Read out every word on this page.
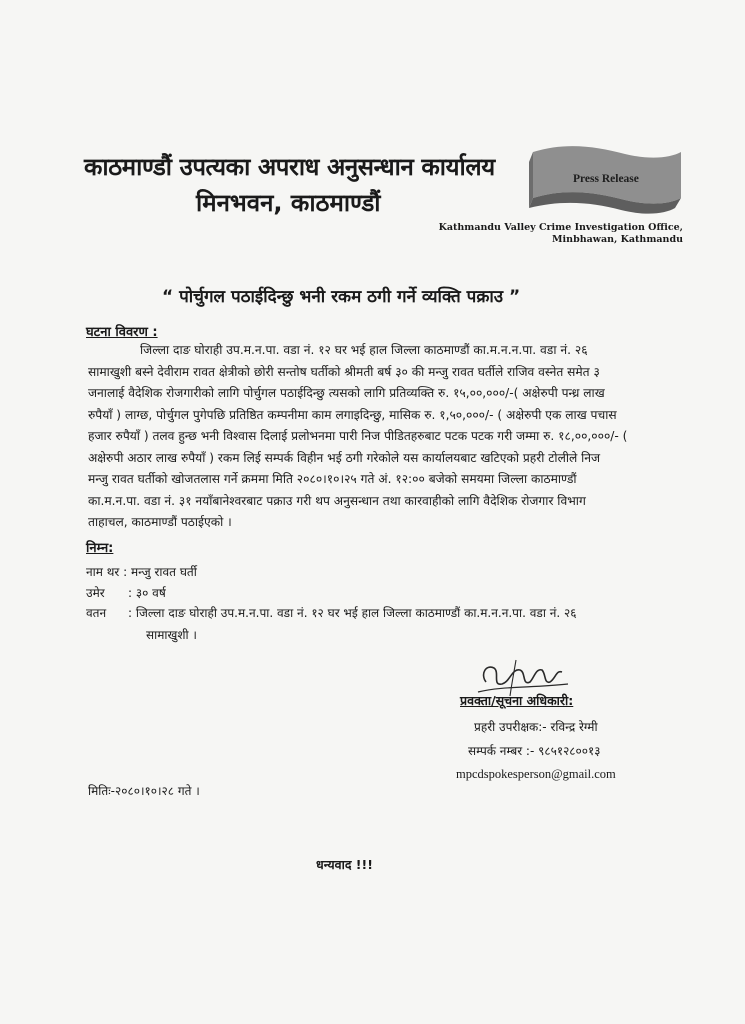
काठमाण्डौं उपत्यका अपराध अनुसन्धान कार्यालय
मिनभवन, काठमाण्डौं
Press Release
Kathmandu Valley Crime Investigation Office,
Minbhawan, Kathmandu
“ पोर्चुगल पठाईदिन्छु भनी रकम ठगी गर्ने व्यक्ति पक्राउ ”
घटना विवरण :
जिल्ला दाङ घोराही उप.म.न.पा. वडा नं. १२ घर भई हाल जिल्ला काठमाण्डौं का.म.न.न.पा. वडा नं. २६
सामाखुशी बस्ने देवीराम रावत क्षेत्रीको छोरी सन्तोष घर्तीको श्रीमती बर्ष ३० की मन्जु रावत घर्तीले राजिव वस्नेत समेत ३
जनालाई वैदेशिक रोजगारीको लागि पोर्चुगल पठाईदिन्छु त्यसको लागि प्रतिव्यक्ति रु. १५,००,०००/-( अक्षेरुपी पन्ध्र लाख
रुपैयाँ ) लाग्छ, पोर्चुगल पुगेपछि प्रतिष्ठित कम्पनीमा काम लगाइदिन्छु, मासिक रु. १,५०,०००/- ( अक्षेरुपी एक लाख पचास
हजार रुपैयाँ ) तलव हुन्छ भनी विश्वास दिलाई प्रलोभनमा पारी निज पीडितहरुबाट पटक पटक गरी जम्मा रु. १८,००,०००/- (
अक्षेरुपी अठार लाख रुपैयाँ ) रकम लिई सम्पर्क विहीन भई ठगी गरेकोले यस कार्यालयबाट खटिएको प्रहरी टोलीले निज
मन्जु रावत घर्तीको खोजतलास गर्ने क्रममा मिति २०८०।१०।२५ गते अं. १२:०० बजेको समयमा जिल्ला काठमाण्डौं
का.म.न.पा. वडा नं. ३१ नयाँबानेश्वरबाट पक्राउ गरी थप अनुसन्धान तथा कारवाहीको लागि वैदेशिक रोजगार विभाग
ताहाचल, काठमाण्डौं पठाईएको ।
निम्न:
नाम थर : मन्जु रावत घर्ती
उमेर : ३० वर्ष
वतन : जिल्ला दाङ घोराही उप.म.न.पा. वडा नं. १२ घर भई हाल जिल्ला काठमाण्डौं का.म.न.न.पा. वडा नं. २६
सामाखुशी ।
प्रवक्ता/सूचना अधिकारी:
प्रहरी उपरीक्षक:- रविन्द्र रेग्मी
सम्पर्क नम्बर :- ९८५१२८००१३
mpcdspokesperson@gmail.com
मितिः-२०८०।१०।२८ गते ।
धन्यवाद !!!
